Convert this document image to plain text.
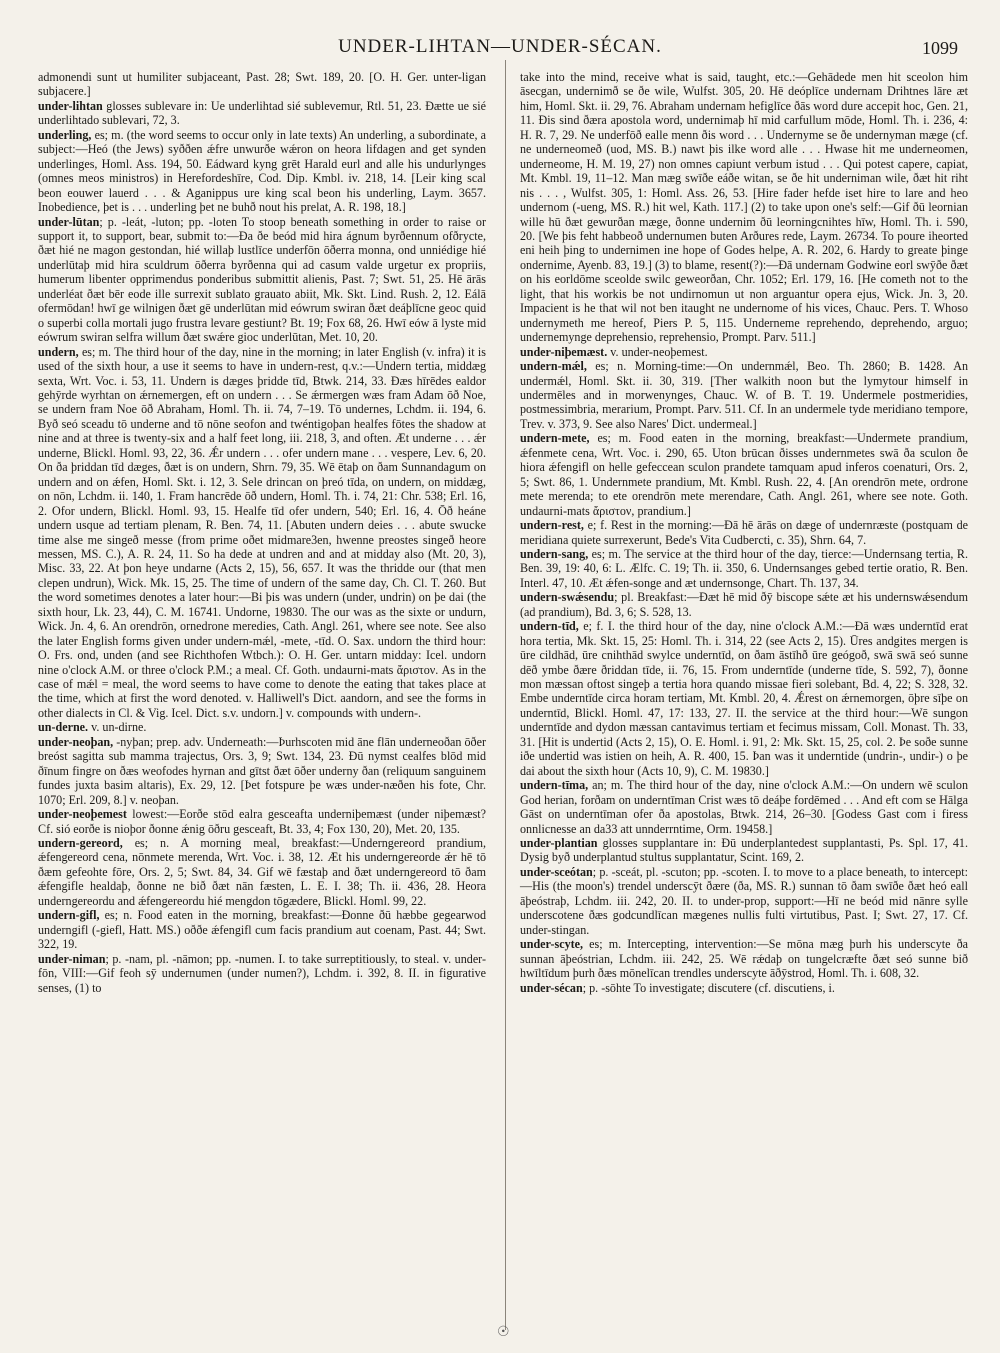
UNDER-LIHTAN—UNDER-SÉCAN.	1099

admonendi sunt ut humiliter subjaceant, Past. 28; Swt. 189, 20. [O. H. Ger. unter-ligan subjacere.]

under-lihtan glosses sublevare in: Ue underlihtad sié sublevemur, Rtl. 51, 23. Ðætte ue sié underlihtado sublevari, 72, 3.

underling, es; m. (the word seems to occur only in late texts) An underling, a subordinate, a subject:—Heó (the Jews) syððen ǽfre unwurðe wǽron on heora lifdagen and get synden underlinges, Homl. Ass. 194, 50. Eádward kyng grēt Harald eurl and alle his undurlynges (omnes meos ministros) in Herefordeshīre, Cod. Dip. Kmbl. iv. 218, 14. [Leir king scal beon eouwer lauerd . . . & Aganippus ure king scal beon his underling, Laym. 3657. Inobedience, þet is . . . underling þet ne buhð nout his prelat, A. R. 198, 18.]

under-lūtan; p. -leát, -luton; pp. -loten To stoop beneath something in order to raise or support it, to support, bear, submit to:—Ða ðe beód mid hira ágnum byrðennum ofðrycte, ðæt hié ne magon gestondan, hié willaþ lustlīce underfōn ōðerra monna, ond unniédige hié underlūtaþ mid hira sculdrum ōðerra byrðenna qui ad casum valde urgetur ex propriis, humerum libenter opprimendus ponderibus submittit alienis, Past. 7; Swt. 51, 25. Hē ārās underléat ðæt bēr eode ille surrexit sublato grauato abiit, Mk. Skt. Lind. Rush. 2, 12. Eálā ofermōdan! hwī ge wilnigen ðæt gē underlūtan mid eówrum swiran ðæt deáþlīcne geoc quid o superbi colla mortali jugo frustra levare gestiunt? Bt. 19; Fox 68, 26. Hwī eów ā lyste mid eówrum swiran selfra willum ðæt swǽre gioc underlūtan, Met. 10, 20.

undern, es; m. The third hour of the day, nine in the morning; in later English (v. infra) it is used of the sixth hour, a use it seems to have in undern-rest, q.v.:—Undern tertia, middæg sexta, Wrt. Voc. i. 53, 11. Undern is dæges þridde tīd, Btwk. 214, 33. Ðæs hīrēdes ealdor gehȳrde wyrhtan on ǽrnemergen, eft on undern . . . Se ǽrmergen wæs fram Adam ōð Noe, se undern fram Noe ōð Abraham, Homl. Th. ii. 74, 7–19. Tō undernes, Lchdm. ii. 194, 6. Byð seó sceadu tō underne and tō nōne seofon and twéntigoþan healfes fōtes the shadow at nine and at three is twenty-six and a half feet long, iii. 218, 3, and often. Æt underne . . . ǽr underne, Blickl. Homl. 93, 22, 36. Ǽr undern . . . ofer undern mane . . . vespere, Lev. 6, 20. On ða þriddan tīd dæges, ðæt is on undern, Shrn. 79, 35. Wē ētaþ on ðam Sunnandagum on undern and on ǽfen, Homl. Skt. i. 12, 3. Sele drincan on þreó tīda, on undern, on middæg, on nōn, Lchdm. ii. 140, 1. Fram hancrēde ōð undern, Homl. Th. i. 74, 21: Chr. 538; Erl. 16, 2. Ofor undern, Blickl. Homl. 93, 15. Healfe tīd ofer undern, 540; Erl. 16, 4. Ōð heáne undern usque ad tertiam plenam, R. Ben. 74, 11. [Abuten undern deies . . . abute swucke time alse me singeð messe (from prime oðet midmare3en, hwenne preostes singeð heore messen, MS. C.), A. R. 24, 11. So ha dede at undren and and at midday also (Mt. 20, 3), Misc. 33, 22. At þon heye undarne (Acts 2, 15), 56, 657. It was the thridde our (that men clepen undrun), Wick. Mk. 15, 25. The time of undern of the same day, Ch. Cl. T. 260. But the word sometimes denotes a later hour:—Bi þis was undern (under, undrin) on þe dai (the sixth hour, Lk. 23, 44), C. M. 16741. Undorne, 19830. The our was as the sixte or undurn, Wick. Jn. 4, 6. An orendrōn, ornedrone meredies, Cath. Angl. 261, where see note. See also the later English forms given under undern-mǽl, -mete, -tīd. O. Sax. undorn the third hour: O. Frs. ond, unden (and see Richthofen Wtbch.): O. H. Ger. untarn midday: Icel. undorn nine o'clock A.M. or three o'clock P.M.; a meal. Cf. Goth. undaurni-mats ἄριστον. As in the case of mǽl = meal, the word seems to have come to denote the eating that takes place at the time, which at first the word denoted. v. Halliwell's Dict. aandorn, and see the forms in other dialects in Cl. & Vig. Icel. Dict. s.v. undorn.] v. compounds with undern-.

un-derne. v. un-dirne.

under-neoþan, -nyþan; prep. adv. Underneath:—Þurhscoten mid āne flān underneoðan ōðer breóst sagitta sub mamma trajectus, Ors. 3, 9; Swt. 134, 23. Ðū nymst cealfes blōd mid ðīnum fingre on ðæs weofodes hyrnan and gītst ðæt ōðer underny ðan (reliquum sanguinem fundes juxta basim altaris), Ex. 29, 12. [Þet fotspure þe wæs under-næðen his fote, Chr. 1070; Erl. 209, 8.] v. neoþan.

under-neoþemest lowest:—Eorðe stōd ealra gesceafta underniþemæst (under niþemæst? Cf. sió eorðe is nioþor ðonne ǽnig ōðru gesceaft, Bt. 33, 4; Fox 130, 20), Met. 20, 135.

undern-gereord, es; n. A morning meal, breakfast:—Underngereord prandium, ǽfengereord cena, nōnmete merenda, Wrt. Voc. i. 38, 12. Æt his underngereorde ǽr hē tō ðæm gefeohte fōre, Ors. 2, 5; Swt. 84, 34. Gif wē fæstaþ and ðæt underngereord tō ðam ǽfengifle healdaþ, ðonne ne bið ðæt nān fæsten, L. E. I. 38; Th. ii. 436, 28. Heora underngereordu and ǽfengereordu hié mengdon tōgædere, Blickl. Homl. 99, 22.

undern-gifl, es; n. Food eaten in the morning, breakfast:—Ðonne ðū hæbbe gegearwod underngifl (-giefl, Hatt. MS.) oððe ǽfengifl cum facis prandium aut coenam, Past. 44; Swt. 322, 19.

under-niman; p. -nam, pl. -nāmon; pp. -numen. I. to take surreptitiously, to steal. v. under-fōn, VIII:—Gif feoh sȳ undernumen (under numen?), Lchdm. i. 392, 8. II. in figurative senses, (1) to

take into the mind, receive what is said, taught, etc.:—Gehādede men hit sceolon him āsecgan, undernimð se ðe wile, Wulfst. 305, 20. Hē deóplīce undernam Drihtnes lāre æt him, Homl. Skt. ii. 29, 76. Abraham undernam hefiglīce ðās word dure accepit hoc, Gen. 21, 11. Ðis sind ðæra apostola word, undernimaþ hī mid carfullum mōde, Homl. Th. i. 236, 4: H. R. 7, 29. Ne underfōð ealle menn ðis word . . . Undernyme se ðe undernyman mæge (cf. ne underneomeð (uod, MS. B.) nawt þis ilke word alle . . . Hwase hit me underneomen, underneome, H. M. 19, 27) non omnes capiunt verbum istud . . . Qui potest capere, capiat, Mt. Kmbl. 19, 11–12. Man mæg swīðe eáðe witan, se ðe hit underniman wile, ðæt hit riht nis . . . , Wulfst. 305, 1: Homl. Ass. 26, 53. [Hire fader hefde iset hire to lare and heo undernom (-ueng, MS. R.) hit wel, Kath. 117.] (2) to take upon one's self:—Gif ðū leornian wille hū ðæt gewurðan mæge, ðonne undernim ðū leorningcnihtes hīw, Homl. Th. i. 590, 20. [We þis feht habbeoð undernumen buten Arðures rede, Laym. 26734. To poure iheorted eni heih þing to undernimen ine hope of Godes helpe, A. R. 202, 6. Hardy to greate þinge ondernime, Ayenb. 83, 19.] (3) to blame, resent(?):—Ðā undernam Godwine eorl swȳðe ðæt on his eorldōme sceolde swilc geweorðan, Chr. 1052; Erl. 179, 16. [He cometh not to the light, that his workis be not undirnomun ut non arguantur opera ejus, Wick. Jn. 3, 20. Impacient is he that wil not ben itaught ne undernome of his vices, Chauc. Pers. T. Whoso undernymeth me hereof, Piers P. 5, 115. Underneme reprehendo, deprehendo, arguo; undernemynge deprehensio, reprehensio, Prompt. Parv. 511.]

under-niþemæst. v. under-neoþemest.

undern-mǽl, es; n. Morning-time:—On undernmǽl, Beo. Th. 2860; B. 1428. An undermǽl, Homl. Skt. ii. 30, 319. [Ther walkith noon but the lymytour himself in undermēles and in morwenynges, Chauc. W. of B. T. 19. Undermele postmeridies, postmessimbria, merarium, Prompt. Parv. 511. Cf. In an undermele tyde meridiano tempore, Trev. v. 373, 9. See also Nares' Dict. undermeal.]

undern-mete, es; m. Food eaten in the morning, breakfast:—Undermete prandium, ǽfenmete cena, Wrt. Voc. i. 290, 65. Uton brūcan ðisses undernmetes swā ða sculon ðe hiora ǽfengifl on helle gefeccean sculon prandete tamquam apud inferos coenaturi, Ors. 2, 5; Swt. 86, 1. Undernmete prandium, Mt. Kmbl. Rush. 22, 4. [An orendrōn mete, ordrone mete merenda; to ete orendrōn mete merendare, Cath. Angl. 261, where see note. Goth. undaurni-mats ἄριστον, prandium.]

undern-rest, e; f. Rest in the morning:—Ðā hē ārās on dæge of undernræste (postquam de meridiana quiete surrexerunt, Bede's Vita Cudbercti, c. 35), Shrn. 64, 7.

undern-sang, es; m. The service at the third hour of the day, tierce:—Undernsang tertia, R. Ben. 39, 19: 40, 6: L. Ælfc. C. 19; Th. ii. 350, 6. Undernsanges gebed tertie oratio, R. Ben. Interl. 47, 10. Æt ǽfen-songe and æt undernsonge, Chart. Th. 137, 34.

undern-swǽsendu; pl. Breakfast:—Ðæt hē mid ðȳ biscope sǽte æt his undernswǽsendum (ad prandium), Bd. 3, 6; S. 528, 13.

undern-tīd, e; f. I. the third hour of the day, nine o'clock A.M.:—Ðā wæs underntīd erat hora tertia, Mk. Skt. 15, 25: Homl. Th. i. 314, 22 (see Acts 2, 15). Ūres andgites mergen is ūre cildhād, ūre cnihthād swylce underntīd, on ðam āstīhð ūre geógoð, swā swā seó sunne dēð ymbe ðære ðriddan tīde, ii. 76, 15. From underntīde (underne tīde, S. 592, 7), ðonne mon mæssan oftost singeþ a tertia hora quando missae fieri solebant, Bd. 4, 22; S. 328, 32. Embe underntīde circa horam tertiam, Mt. Kmbl. 20, 4. Ǽrest on ǽrnemorgen, ōþre sīþe on underntīd, Blickl. Homl. 47, 17: 133, 27. II. the service at the third hour:—Wē sungon underntīde and dydon mæssan cantavimus tertiam et fecimus missam, Coll. Monast. Th. 33, 31. [Hit is undertid (Acts 2, 15), O. E. Homl. i. 91, 2: Mk. Skt. 15, 25, col. 2. Þe soðe sunne iðe undertid was istien on heih, A. R. 400, 15. Þan was it underntide (undrin-, undir-) o þe dai about the sixth hour (Acts 10, 9), C. M. 19830.]

undern-tīma, an; m. The third hour of the day, nine o'clock A.M.:—On undern wē sculon God herian, forðam on underntīman Crist wæs tō deáþe fordēmed . . . And eft com se Hālga Gāst on underntīman ofer ða apostolas, Btwk. 214, 26–30. [Godess Gast com i firess onnlicnesse an da33 att unnderrntime, Orm. 19458.]

under-plantian glosses supplantare in: Ðū underplantedest supplantasti, Ps. Spl. 17, 41. Dysig byð underplantud stultus supplantatur, Scint. 169, 2.

under-sceótan; p. -sceát, pl. -scuton; pp. -scoten. I. to move to a place beneath, to intercept:—His (the moon's) trendel underscȳt ðære (ða, MS. R.) sunnan tō ðam swīðe ðæt heó eall āþeóstraþ, Lchdm. iii. 242, 20. II. to under-prop, support:—Hī ne beód mid nānre sylle underscotene ðæs godcundlīcan mægenes nullis fulti virtutibus, Past. I; Swt. 27, 17. Cf. under-stingan.

under-scyte, es; m. Intercepting, intervention:—Se mōna mæg þurh his underscyte ða sunnan āþeóstrian, Lchdm. iii. 242, 25. Wē rǽdaþ on tungelcræfte ðæt seó sunne bið hwīltīdum þurh ðæs mōnelīcan trendles underscyte āðȳstrod, Homl. Th. i. 608, 32.

under-sécan; p. -sōhte To investigate; discutere (cf. discutiens, i.

☉
